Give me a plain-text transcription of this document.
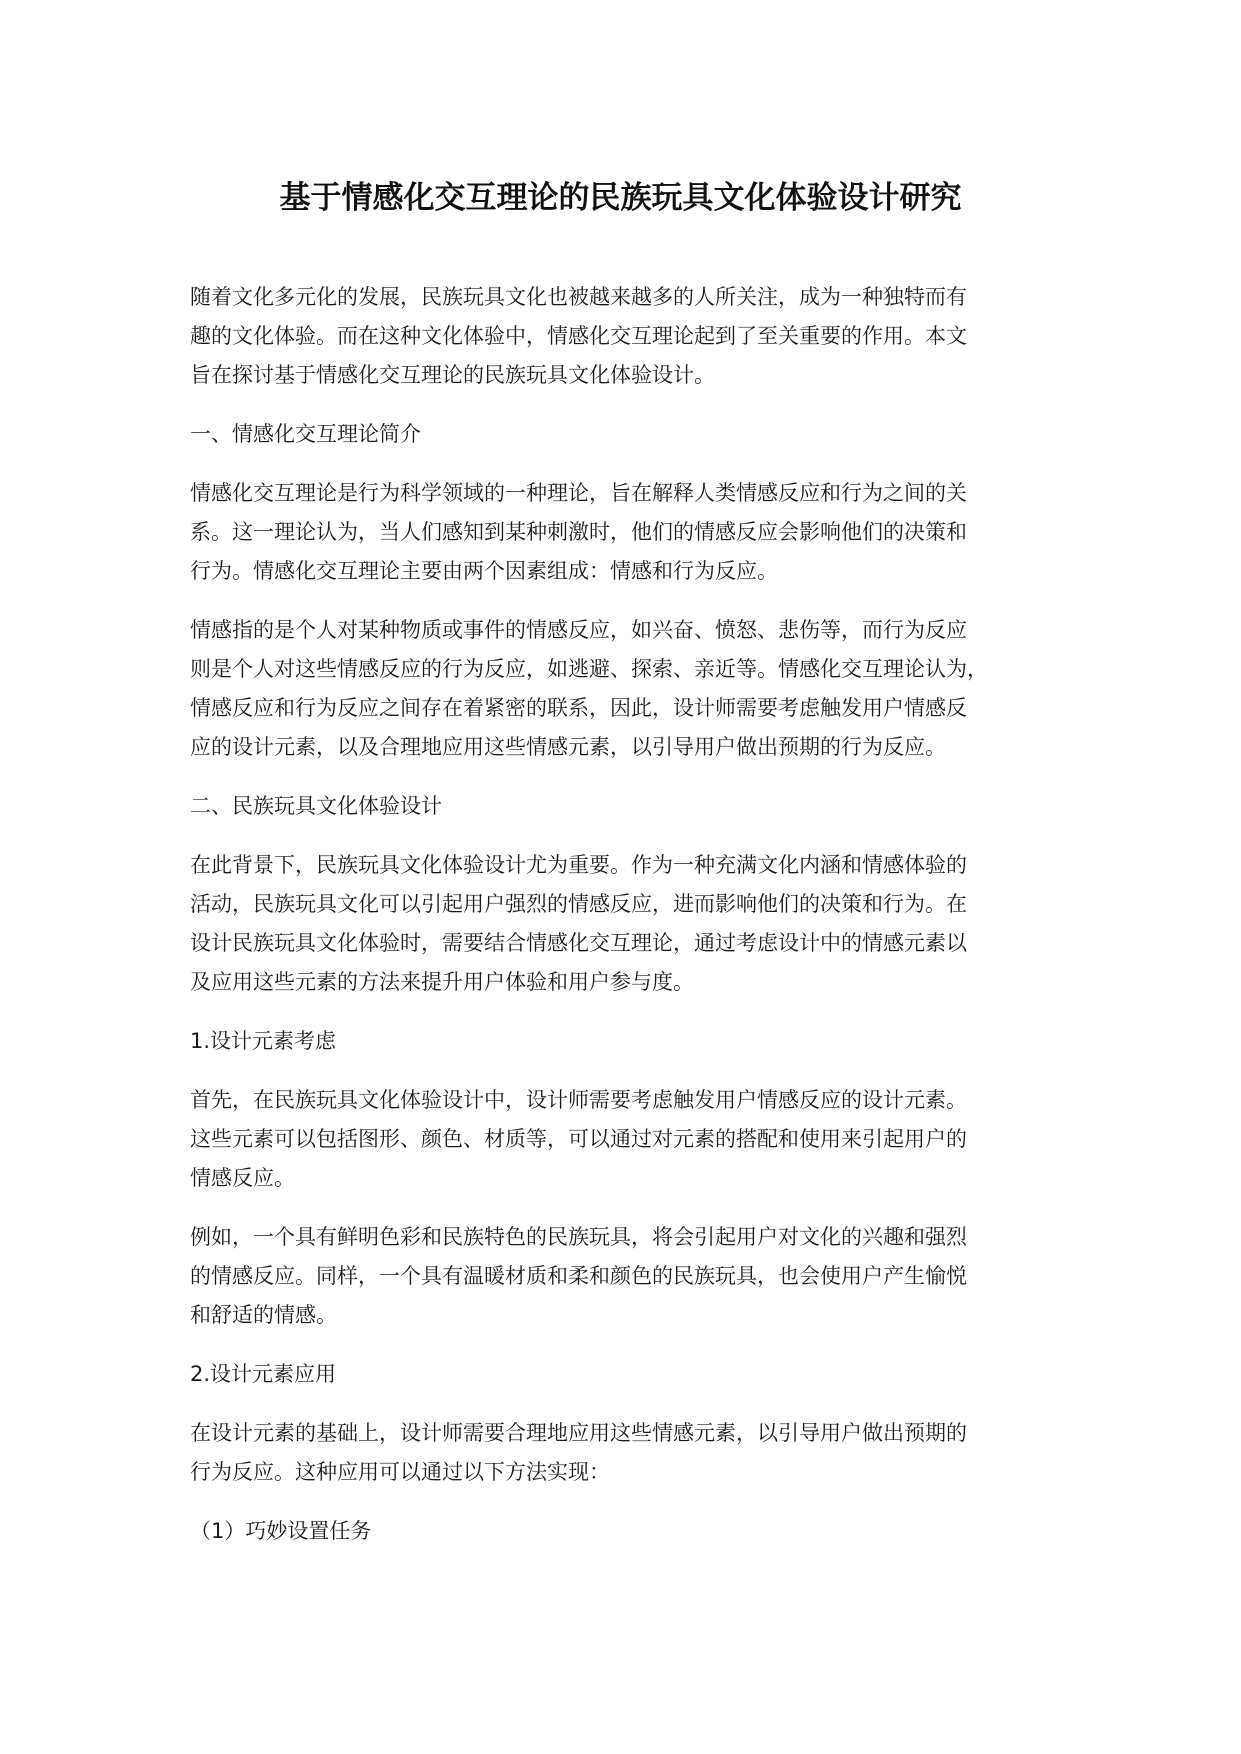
基于情感化交互理论的民族玩具文化体验设计研究
随着文化多元化的发展，民族玩具文化也被越来越多的人所关注，成为一种独特而有
趣的文化体验。而在这种文化体验中，情感化交互理论起到了至关重要的作用。本文
旨在探讨基于情感化交互理论的民族玩具文化体验设计。
一、情感化交互理论简介
情感化交互理论是行为科学领域的一种理论，旨在解释人类情感反应和行为之间的关
系。这一理论认为，当人们感知到某种刺激时，他们的情感反应会影响他们的决策和
行为。情感化交互理论主要由两个因素组成：情感和行为反应。
情感指的是个人对某种物质或事件的情感反应，如兴奋、愤怒、悲伤等，而行为反应
则是个人对这些情感反应的行为反应，如逃避、探索、亲近等。情感化交互理论认为，
情感反应和行为反应之间存在着紧密的联系，因此，设计师需要考虑触发用户情感反
应的设计元素，以及合理地应用这些情感元素，以引导用户做出预期的行为反应。
二、民族玩具文化体验设计
在此背景下，民族玩具文化体验设计尤为重要。作为一种充满文化内涵和情感体验的
活动，民族玩具文化可以引起用户强烈的情感反应，进而影响他们的决策和行为。在
设计民族玩具文化体验时，需要结合情感化交互理论，通过考虑设计中的情感元素以
及应用这些元素的方法来提升用户体验和用户参与度。
1.设计元素考虑
首先，在民族玩具文化体验设计中，设计师需要考虑触发用户情感反应的设计元素。
这些元素可以包括图形、颜色、材质等，可以通过对元素的搭配和使用来引起用户的
情感反应。
例如，一个具有鲜明色彩和民族特色的民族玩具，将会引起用户对文化的兴趣和强烈
的情感反应。同样，一个具有温暖材质和柔和颜色的民族玩具，也会使用户产生愉悦
和舒适的情感。
2.设计元素应用
在设计元素的基础上，设计师需要合理地应用这些情感元素，以引导用户做出预期的
行为反应。这种应用可以通过以下方法实现：
（1）巧妙设置任务
